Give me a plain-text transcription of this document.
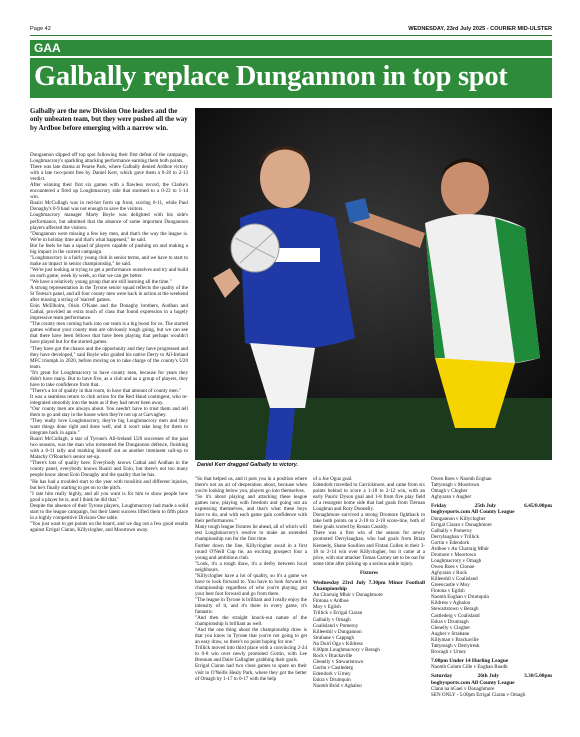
Page 42	WEDNESDAY, 23rd July 2025 - COURIER MID-ULSTER
GAA
Galbally replace Dungannon in top spot
Galbally are the new Division One leaders and the only unbeaten team, but they were pushed all the way by Ardboe before emerging with a narrow win.

Dungannon slipped off top spot following their first defeat of the campaign, Loughmacrory's sparkling attacking performance earning them both points.

There was late drama at Pearse Park, where Galbally denied Ardboe victory with a late two-point free by Daniel Kerr, which gave them a 0-20 to 2-13 verdict.

After winning their first six games with a flawless record, the Clarke's encountered a fired up Loughmacrory side that stormed to a 0-23 to 1-14 win.

Ruairi McCullagh was in red-hot form up front, scoring 0-11, while Paul Donaghy's 0-9 haul was not enough to save the visitors.

Loughmacrory manager Marty Boyle was delighted with his side's performance, but admitted that the absence of some important Dungannon players affected the visitors.

"Dungannon were missing a few key men, and that's the way the league is. We're in holiday time and that's what happened," he said.

But he feels he has a squad of players capable of pushing on and making a big impact in the current campaign.

"Loughmacrory is a fairly young club in senior terms, and we have to start to make an impact in senior championship," he said.

"We're just looking at trying to get a performance ourselves and try and build on each game, week by week, so that we can get better.

"We have a relatively young group that are still learning all the time."

A strong representation in the Tyrone senior squad reflects the quality of the St Teresa's panel, and all four county men were back in action at the weekend after missing a string of 'starred' games.

Eoin McElholm, Oisin O'Kane and the Donaghy brothers, Aodhan and Cathal, provided an extra touch of class that found expression in a hugely impressive team performance.

"The county men coming back into our team is a big boost for us. The starred games without your county men are obviously tough going, but we can see that there have been fellows that have been playing that perhaps wouldn't have played but for the starred games.

"They have got the chance and the opportunity and they have progressed and they have developed," said Boyle who guided his native Derry to All-Ireland MFC triumph in 2020, before moving on to take charge of the county's U20 team.

"It's great for Loughmacrory to have county men, because for years they didn't have many. But to have five, as a club and as a group of players, they have to take confidence from that.

"There's a lot of quality in that room, to have that amount of county men."

It was a seamless return to club action for the Red Hand contingent, who re-integrated smoothly into the team as if they had never been away.

"Our county men are always about. You needn't have to trust them and tell them to go and stay in the house when they're not up at Garvaghey.

"They really love Loughmacrory, they're big Loughmacrory men and they want things done right and done well, and it won't take long for them to integrate back in again."

Ruairi McCullagh, a star of Tyrone's All-Ireland U20 successes of the past two seasons, was the man who tormented the Dungannon defence, finishing with a 0-11 tally and marking himself out as another imminent call-up to Malachy O'Rourke's senior set-up.

"There's lots of quality here. Everybody knows Cathal and Aodhan in the county panel, everybody knows Ruairi and Eoin, but there's not too many people know about Eoin Donaghy and the quality that he has.

"He has had a troubled start to the year with tonsilitis and different injuries, but he's finally starting to get on to the pitch.

"I rate him really highly, and all you want is for him to show people how good a player he is, and I think he did that."

Despite the absence of their Tyrone players, Loughmacrory had made a solid start to the league campaign, but their latest success lifted them to fifth place in a highly competitive Division One table.

"You just want to get points on the board, and we dug out a few good results against Errigal Ciaran, Killyclogher, and Moortown away.

Daniel Kerr dragged Galbally to victory.

"So that helped us, and it puts you in a position where there's not an air of desperation about, because when you're looking below you, players go into themselves.

"So it's about playing and attacking these league games now, playing with freedom and going out an expressing themselves, and that's what these boys have to do, and with each game gain confidence with their performances."

Many tough league fixtures lie ahead, all of which will test Loughmacrory's resolve to make an extended championship run for the first time.

Further down the line, Killyclogher await in a first round O'Neill Cup tie, an exciting prospect four a young and ambitious club.

"Look, it's a tough draw, it's a derby between local neighbours.

"Killyclogher have a lot of quality, so it's a game we have to look forward to. You have to look forward to championship regardless of who you're playing, put your best foot forward and go from there.

"The league in Tyrone is brilliant and I really enjoy the intensity of it, and it's there in every game, it's fantastic.

"And then the straight knock-out nature of the championship is brilliant as well.

"And the one thing about the championship draw is that you know in Tyrone that you're not going to get an easy draw, so there's no point hoping for one."

Trillick moved into third place with a convincing 2-24 to 0-8 win over newly promoted Gortin, with Lee Brennan and Daire Gallagher grabbing their goals.

Errigal Ciaran had two close games to spare on their visit to O'Neills Healy Park, where they got the better of Omagh by 1-17 to 0-17 with the help

of a Joe Oguz goal.

Edendork travelled to Carrickmore, and came from six points behind to score a 1-18 to 2-12 win, with an early Pauric Dyson goal and 1-8 from five play field of a resurgent home side that had goals from Tiernan Loughran and Rory Donnelly.

Donaghmore survived a strong Dromore fightback to take both points on a 2-18 to 2-10 score-line, both of their goals scored by Ronan Cassidy.

There was a first win of the season for newly promoted Derrylaughan, who had goals from Brian Kennedy, Shane Soullion and Fintan Cullen in their 3-18 to 2-14 win over Killyclogher, but it came at a price, with star attacker Tomas Carney set to be out for some time after picking up a serious ankle injury.

Fixtures

Wednesday 23rd July 7.30pm Minor Football Championship

An Charraig Mhór v Donaghmore

Fintona v Ardboe

Moy v Eglish

Trillick v Errigal Ciaran

Galbally v Omagh

Coalisland v Pomeroy

Killeeshil v Dungannon

Strabane v Cappagh

Na Doirí Oga v Kildress

8.00pm Loughmacrory v Beragh

Rock v Brackaville

Glenelly v Stewartstown

Gortin v Castlederg

Edendork v Urney

Eskra v Drumquin

Naomh Bród v Aghaloo

Owen Roes v Naomh Eoghan

Tattyreagh v Moortown

Omagh v Clogher

Aghyaran v Augher

Friday	25th July	6.45/8.00pm

bogbysports.com All County League

Dungannon v Killyclogher

Errigal Ciaran v Donaghmore

Galbally v Pomeroy

Derrylaughan v Trillick

Gortin v Edendork

Ardboe v An Charraig Mhór

Dromore v Moortown

Loughmacrory v Omagh

Owen Roes v Clonoe

Aghyaran v Rock

Killeeshil v Coalisland

Greencastle v Moy

Fintona v Eglish

Naomh Eoghan v Drumquin

Kildress v Aghaloo

Stewartstown v Beragh

Castlederg v Coalisland

Eskra v Drumragh

Glenelly v Clogher

Augher v Strabane

Killyman v Brackaville

Tattyreagh v Derrytresk

Brocagh v Urney

7.00pm Under 14 Hurling League

Naomh Colum Cille v Eoghan Ruadh

Saturday	26th July	3.30/5.00pm

bogbysports.com All County League

Clann na nGael v Donaghmore

SEN ONLY - 5.00pm Errigal Ciaran v Omagh
